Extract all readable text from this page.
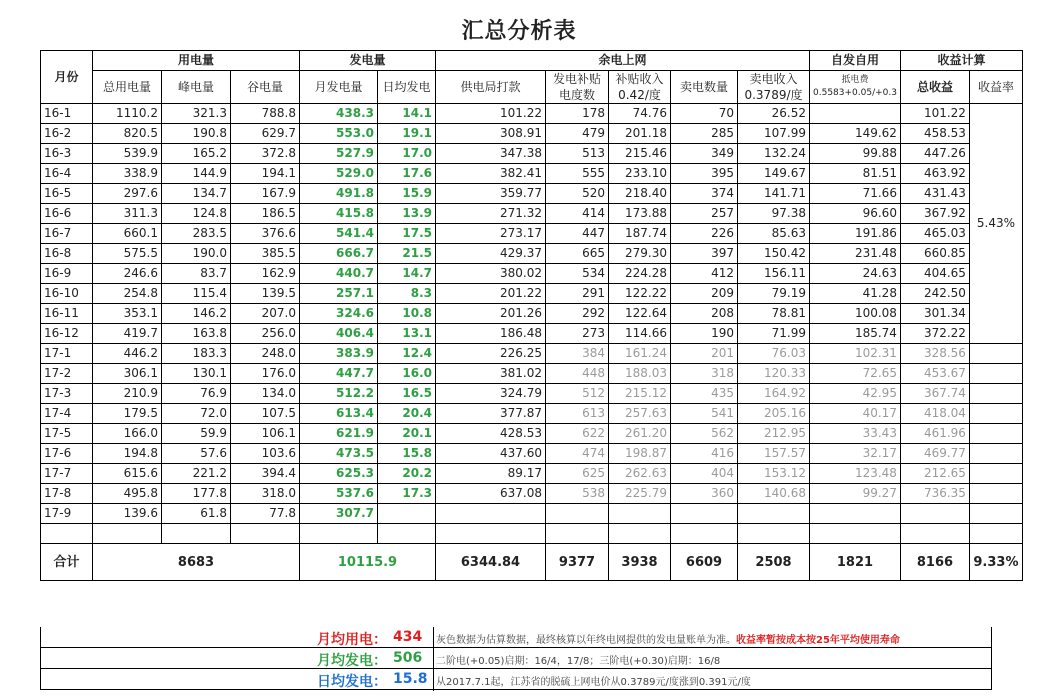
汇总分析表
月份	用电量			发电量		余电上网					自发自用	收益计算	
	总用电量	峰电量	谷电量	月发电量	日均发电	供电局打款	发电补贴电度数	补贴收入0.42/度	卖电数量	卖电收入0.3789/度	抵电费0.5583+0.05/+0.3	总收益	收益率
16-1	1110.2	321.3	788.8	438.3	14.1	101.22	178	74.76	70	26.52		101.22	5.43%
16-2	820.5	190.8	629.7	553.0	19.1	308.91	479	201.18	285	107.99	149.62	458.53	
16-3	539.9	165.2	372.8	527.9	17.0	347.38	513	215.46	349	132.24	99.88	447.26	
16-4	338.9	144.9	194.1	529.0	17.6	382.41	555	233.10	395	149.67	81.51	463.92	
16-5	297.6	134.7	167.9	491.8	15.9	359.77	520	218.40	374	141.71	71.66	431.43	
16-6	311.3	124.8	186.5	415.8	13.9	271.32	414	173.88	257	97.38	96.60	367.92	
16-7	660.1	283.5	376.6	541.4	17.5	273.17	447	187.74	226	85.63	191.86	465.03	
16-8	575.5	190.0	385.5	666.7	21.5	429.37	665	279.30	397	150.42	231.48	660.85	
16-9	246.6	83.7	162.9	440.7	14.7	380.02	534	224.28	412	156.11	24.63	404.65	
16-10	254.8	115.4	139.5	257.1	8.3	201.22	291	122.22	209	79.19	41.28	242.50	
16-11	353.1	146.2	207.0	324.6	10.8	201.26	292	122.64	208	78.81	100.08	301.34	
16-12	419.7	163.8	256.0	406.4	13.1	186.48	273	114.66	190	71.99	185.74	372.22	
17-1	446.2	183.3	248.0	383.9	12.4	226.25	384	161.24	201	76.03	102.31	328.56	
17-2	306.1	130.1	176.0	447.7	16.0	381.02	448	188.03	318	120.33	72.65	453.67	
17-3	210.9	76.9	134.0	512.2	16.5	324.79	512	215.12	435	164.92	42.95	367.74	
17-4	179.5	72.0	107.5	613.4	20.4	377.87	613	257.63	541	205.16	40.17	418.04	
17-5	166.0	59.9	106.1	621.9	20.1	428.53	622	261.20	562	212.95	33.43	461.96	
17-6	194.8	57.6	103.6	473.5	15.8	437.60	474	198.87	416	157.57	32.17	469.77	
17-7	615.6	221.2	394.4	625.3	20.2	89.17	625	262.63	404	153.12	123.48	212.65	
17-8	495.8	177.8	318.0	537.6	17.3	637.08	538	225.79	360	140.68	99.27	736.35	
17-9	139.6	61.8	77.8	307.7									

合计	8683			10115.9		6344.84	9377	3938	6609	2508	1821	8166	9.33%
月均用电： 434 灰色数据为估算数据，最终核算以年终电网提供的发电量账单为准。收益率暂按成本按25年平均使用寿命
月均发电： 506 二阶电(+0.05)启期：16/4，17/8；三阶电(+0.30)启期：16/8
日均发电： 15.8 从2017.7.1起，江苏省的脱硫上网电价从0.3789元/度涨到0.391元/度
